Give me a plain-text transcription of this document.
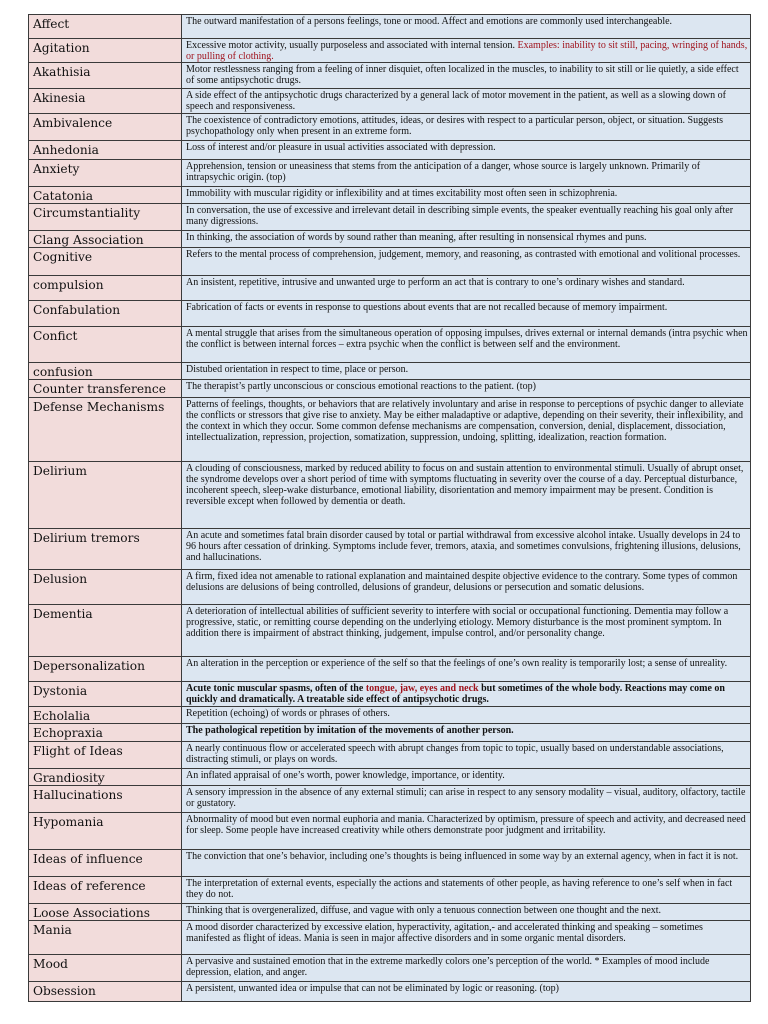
Affect	The outward manifestation of a persons feelings, tone or mood. Affect and emotions are commonly used interchangeable.
Agitation	Excessive motor activity, usually purposeless and associated with internal tension. Examples: inability to sit still, pacing, wringing of hands, or pulling of clothing.
Akathisia	Motor restlessness ranging from a feeling of inner disquiet, often localized in the muscles, to inability to sit still or lie quietly, a side effect of some antipsychotic drugs.
Akinesia	A side effect of the antipsychotic drugs characterized by a general lack of motor movement in the patient, as well as a slowing down of speech and responsiveness.
Ambivalence	The coexistence of contradictory emotions, attitudes, ideas, or desires with respect to a particular person, object, or situation. Suggests psychopathology only when present in an extreme form.
Anhedonia	Loss of interest and/or pleasure in usual activities associated with depression.
Anxiety	Apprehension, tension or uneasiness that stems from the anticipation of a danger, whose source is largely unknown. Primarily of intrapsychic origin. (top)
Catatonia	Immobility with muscular rigidity or inflexibility and at times excitability most often seen in schizophrenia.
Circumstantiality	In conversation, the use of excessive and irrelevant detail in describing simple events, the speaker eventually reaching his goal only after many digressions.
Clang Association	In thinking, the association of words by sound rather than meaning, after resulting in nonsensical rhymes and puns.
Cognitive	Refers to the mental process of comprehension, judgement, memory, and reasoning, as contrasted with emotional and volitional processes.
compulsion	An insistent, repetitive, intrusive and unwanted urge to perform an act that is contrary to one’s ordinary wishes and standard.
Confabulation	Fabrication of facts or events in response to questions about events that are not recalled because of memory impairment.
Confict	A mental struggle that arises from the simultaneous operation of opposing impulses, drives external or internal demands (intra psychic when the conflict is between internal forces – extra psychic when the conflict is between self and the environment.
confusion	Distubed orientation in respect to time, place or person.
Counter transference	The therapist’s partly unconscious or conscious emotional reactions to the patient. (top)
Defense Mechanisms	Patterns of feelings, thoughts, or behaviors that are relatively involuntary and arise in response to perceptions of psychic danger to alleviate the conflicts or stressors that give rise to anxiety. May be either maladaptive or adaptive, depending on their severity, their inflexibility, and the context in which they occur. Some common defense mechanisms are compensation, conversion, denial, displacement, dissociation, intellectualization, repression, projection, somatization, suppression, undoing, splitting, idealization, reaction formation.
Delirium	A clouding of consciousness, marked by reduced ability to focus on and sustain attention to environmental stimuli. Usually of abrupt onset, the syndrome develops over a short period of time with symptoms fluctuating in severity over the course of a day. Perceptual disturbance, incoherent speech, sleep-wake disturbance, emotional liability, disorientation and memory impairment may be present. Condition is reversible except when followed by dementia or death.
Delirium tremors	An acute and sometimes fatal brain disorder caused by total or partial withdrawal from excessive alcohol intake. Usually develops in 24 to 96 hours after cessation of drinking. Symptoms include fever, tremors, ataxia, and sometimes convulsions, frightening illusions, delusions, and hallucinations.
Delusion	A firm, fixed idea not amenable to rational explanation and maintained despite objective evidence to the contrary. Some types of common delusions are delusions of being controlled, delusions of grandeur, delusions or persecution and somatic delusions.
Dementia	A deterioration of intellectual abilities of sufficient severity to interfere with social or occupational functioning. Dementia may follow a progressive, static, or remitting course depending on the underlying etiology. Memory disturbance is the most prominent symptom. In addition there is impairment of abstract thinking, judgement, impulse control, and/or personality change.
Depersonalization	An alteration in the perception or experience of the self so that the feelings of one’s own reality is temporarily lost; a sense of unreality.
Dystonia	Acute tonic muscular spasms, often of the tongue, jaw, eyes and neck but sometimes of the whole body. Reactions may come on quickly and dramatically. A treatable side effect of antipsychotic drugs.
Echolalia	Repetition (echoing) of words or phrases of others.
Echopraxia	The pathological repetition by imitation of the movements of another person.
Flight of Ideas	A nearly continuous flow or accelerated speech with abrupt changes from topic to topic, usually based on understandable associations, distracting stimuli, or plays on words.
Grandiosity	An inflated appraisal of one’s worth, power knowledge, importance, or identity.
Hallucinations	A sensory impression in the absence of any external stimuli; can arise in respect to any sensory modality – visual, auditory, olfactory, tactile or gustatory.
Hypomania	Abnormality of mood but even normal euphoria and mania. Characterized by optimism, pressure of speech and activity, and decreased need for sleep. Some people have increased creativity while others demonstrate poor judgment and irritability.
Ideas of influence	The conviction that one’s behavior, including one’s thoughts is being influenced in some way by an external agency, when in fact it is not.
Ideas of reference	The interpretation of external events, especially the actions and statements of other people, as having reference to one’s self when in fact they do not.
Loose Associations	Thinking that is overgeneralized, diffuse, and vague with only a tenuous connection between one thought and the next.
Mania	A mood disorder characterized by excessive elation, hyperactivity, agitation,- and accelerated thinking and speaking – sometimes manifested as flight of ideas. Mania is seen in major affective disorders and in some organic mental disorders.
Mood	A pervasive and sustained emotion that in the extreme markedly colors one’s perception of the world. * Examples of mood include depression, elation, and anger.
Obsession	A persistent, unwanted idea or impulse that can not be eliminated by logic or reasoning. (top)
